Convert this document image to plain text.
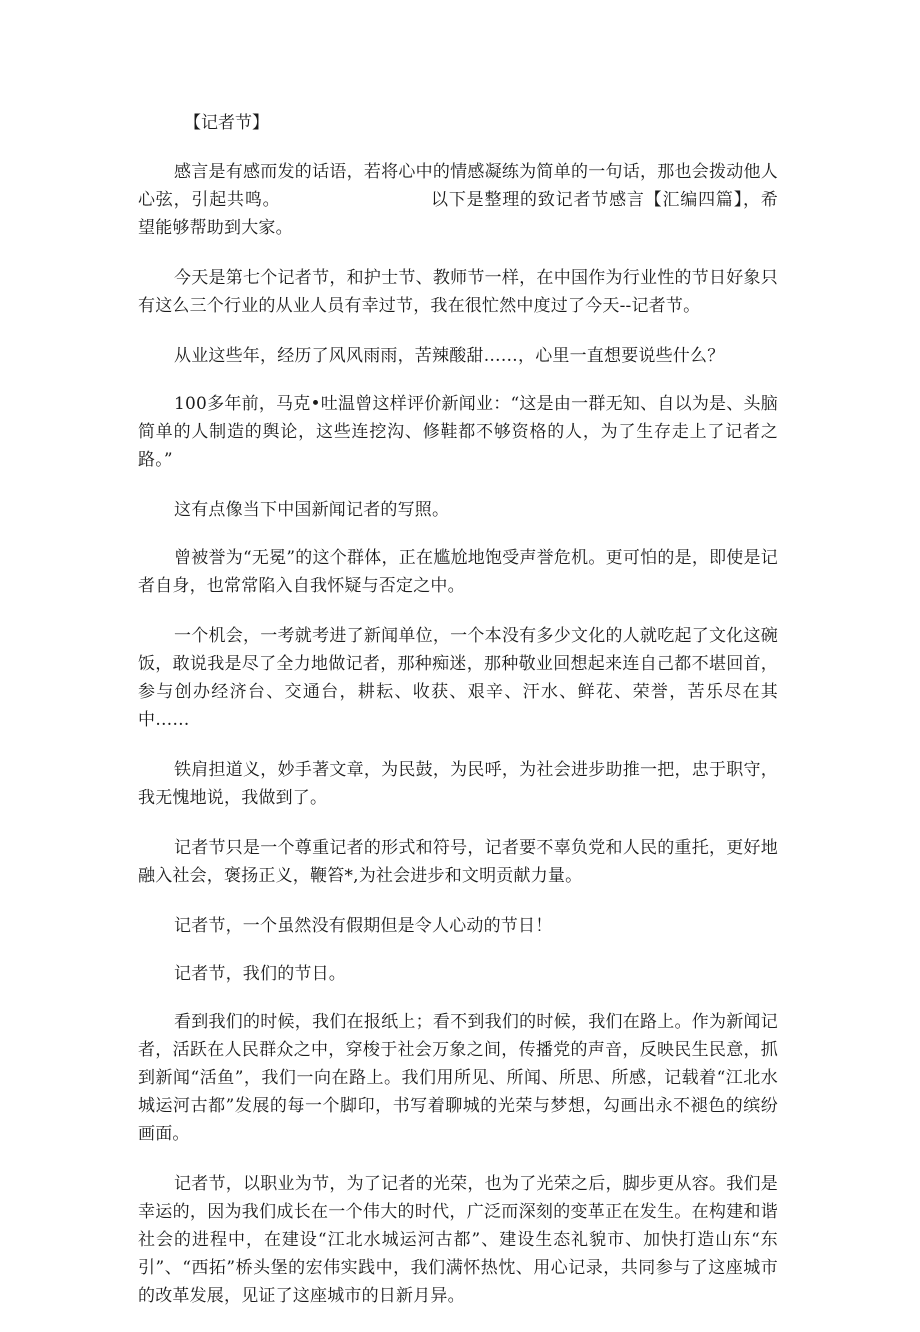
【记者节】

感言是有感而发的话语，若将心中的情感凝练为简单的一句话，那也会拨动他人心弦，引起共鸣。	以下是整理的致记者节感言【汇编四篇】，希望能够帮助到大家。

今天是第七个记者节，和护士节、教师节一样，在中国作为行业性的节日好象只有这么三个行业的从业人员有幸过节，我在很忙然中度过了今天--记者节。

从业这些年，经历了风风雨雨，苦辣酸甜……，心里一直想要说些什么？

100多年前，马克•吐温曾这样评价新闻业：“这是由一群无知、自以为是、头脑简单的人制造的舆论，这些连挖沟、修鞋都不够资格的人，为了生存走上了记者之路。”

这有点像当下中国新闻记者的写照。

曾被誉为“无冕”的这个群体，正在尴尬地饱受声誉危机。更可怕的是，即使是记者自身，也常常陷入自我怀疑与否定之中。

一个机会，一考就考进了新闻单位，一个本没有多少文化的人就吃起了文化这碗饭，敢说我是尽了全力地做记者，那种痴迷，那种敬业回想起来连自己都不堪回首，参与创办经济台、交通台，耕耘、收获、艰辛、汗水、鲜花、荣誉，苦乐尽在其中……

铁肩担道义，妙手著文章，为民鼓，为民呼，为社会进步助推一把，忠于职守，我无愧地说，我做到了。

记者节只是一个尊重记者的形式和符号，记者要不辜负党和人民的重托，更好地融入社会，褒扬正义，鞭笞*,为社会进步和文明贡献力量。

记者节，一个虽然没有假期但是令人心动的节日！

记者节，我们的节日。

看到我们的时候，我们在报纸上；看不到我们的时候，我们在路上。作为新闻记者，活跃在人民群众之中，穿梭于社会万象之间，传播党的声音，反映民生民意，抓到新闻“活鱼”，我们一向在路上。我们用所见、所闻、所思、所感，记载着“江北水城运河古都”发展的每一个脚印，书写着聊城的光荣与梦想，勾画出永不褪色的缤纷画面。

记者节，以职业为节，为了记者的光荣，也为了光荣之后，脚步更从容。我们是幸运的，因为我们成长在一个伟大的时代，广泛而深刻的变革正在发生。在构建和谐社会的进程中，在建设“江北水城运河古都”、建设生态礼貌市、加快打造山东“东引”、“西拓”桥头堡的宏伟实践中，我们满怀热忱、用心记录，共同参与了这座城市的改革发展，见证了这座城市的日新月异。
